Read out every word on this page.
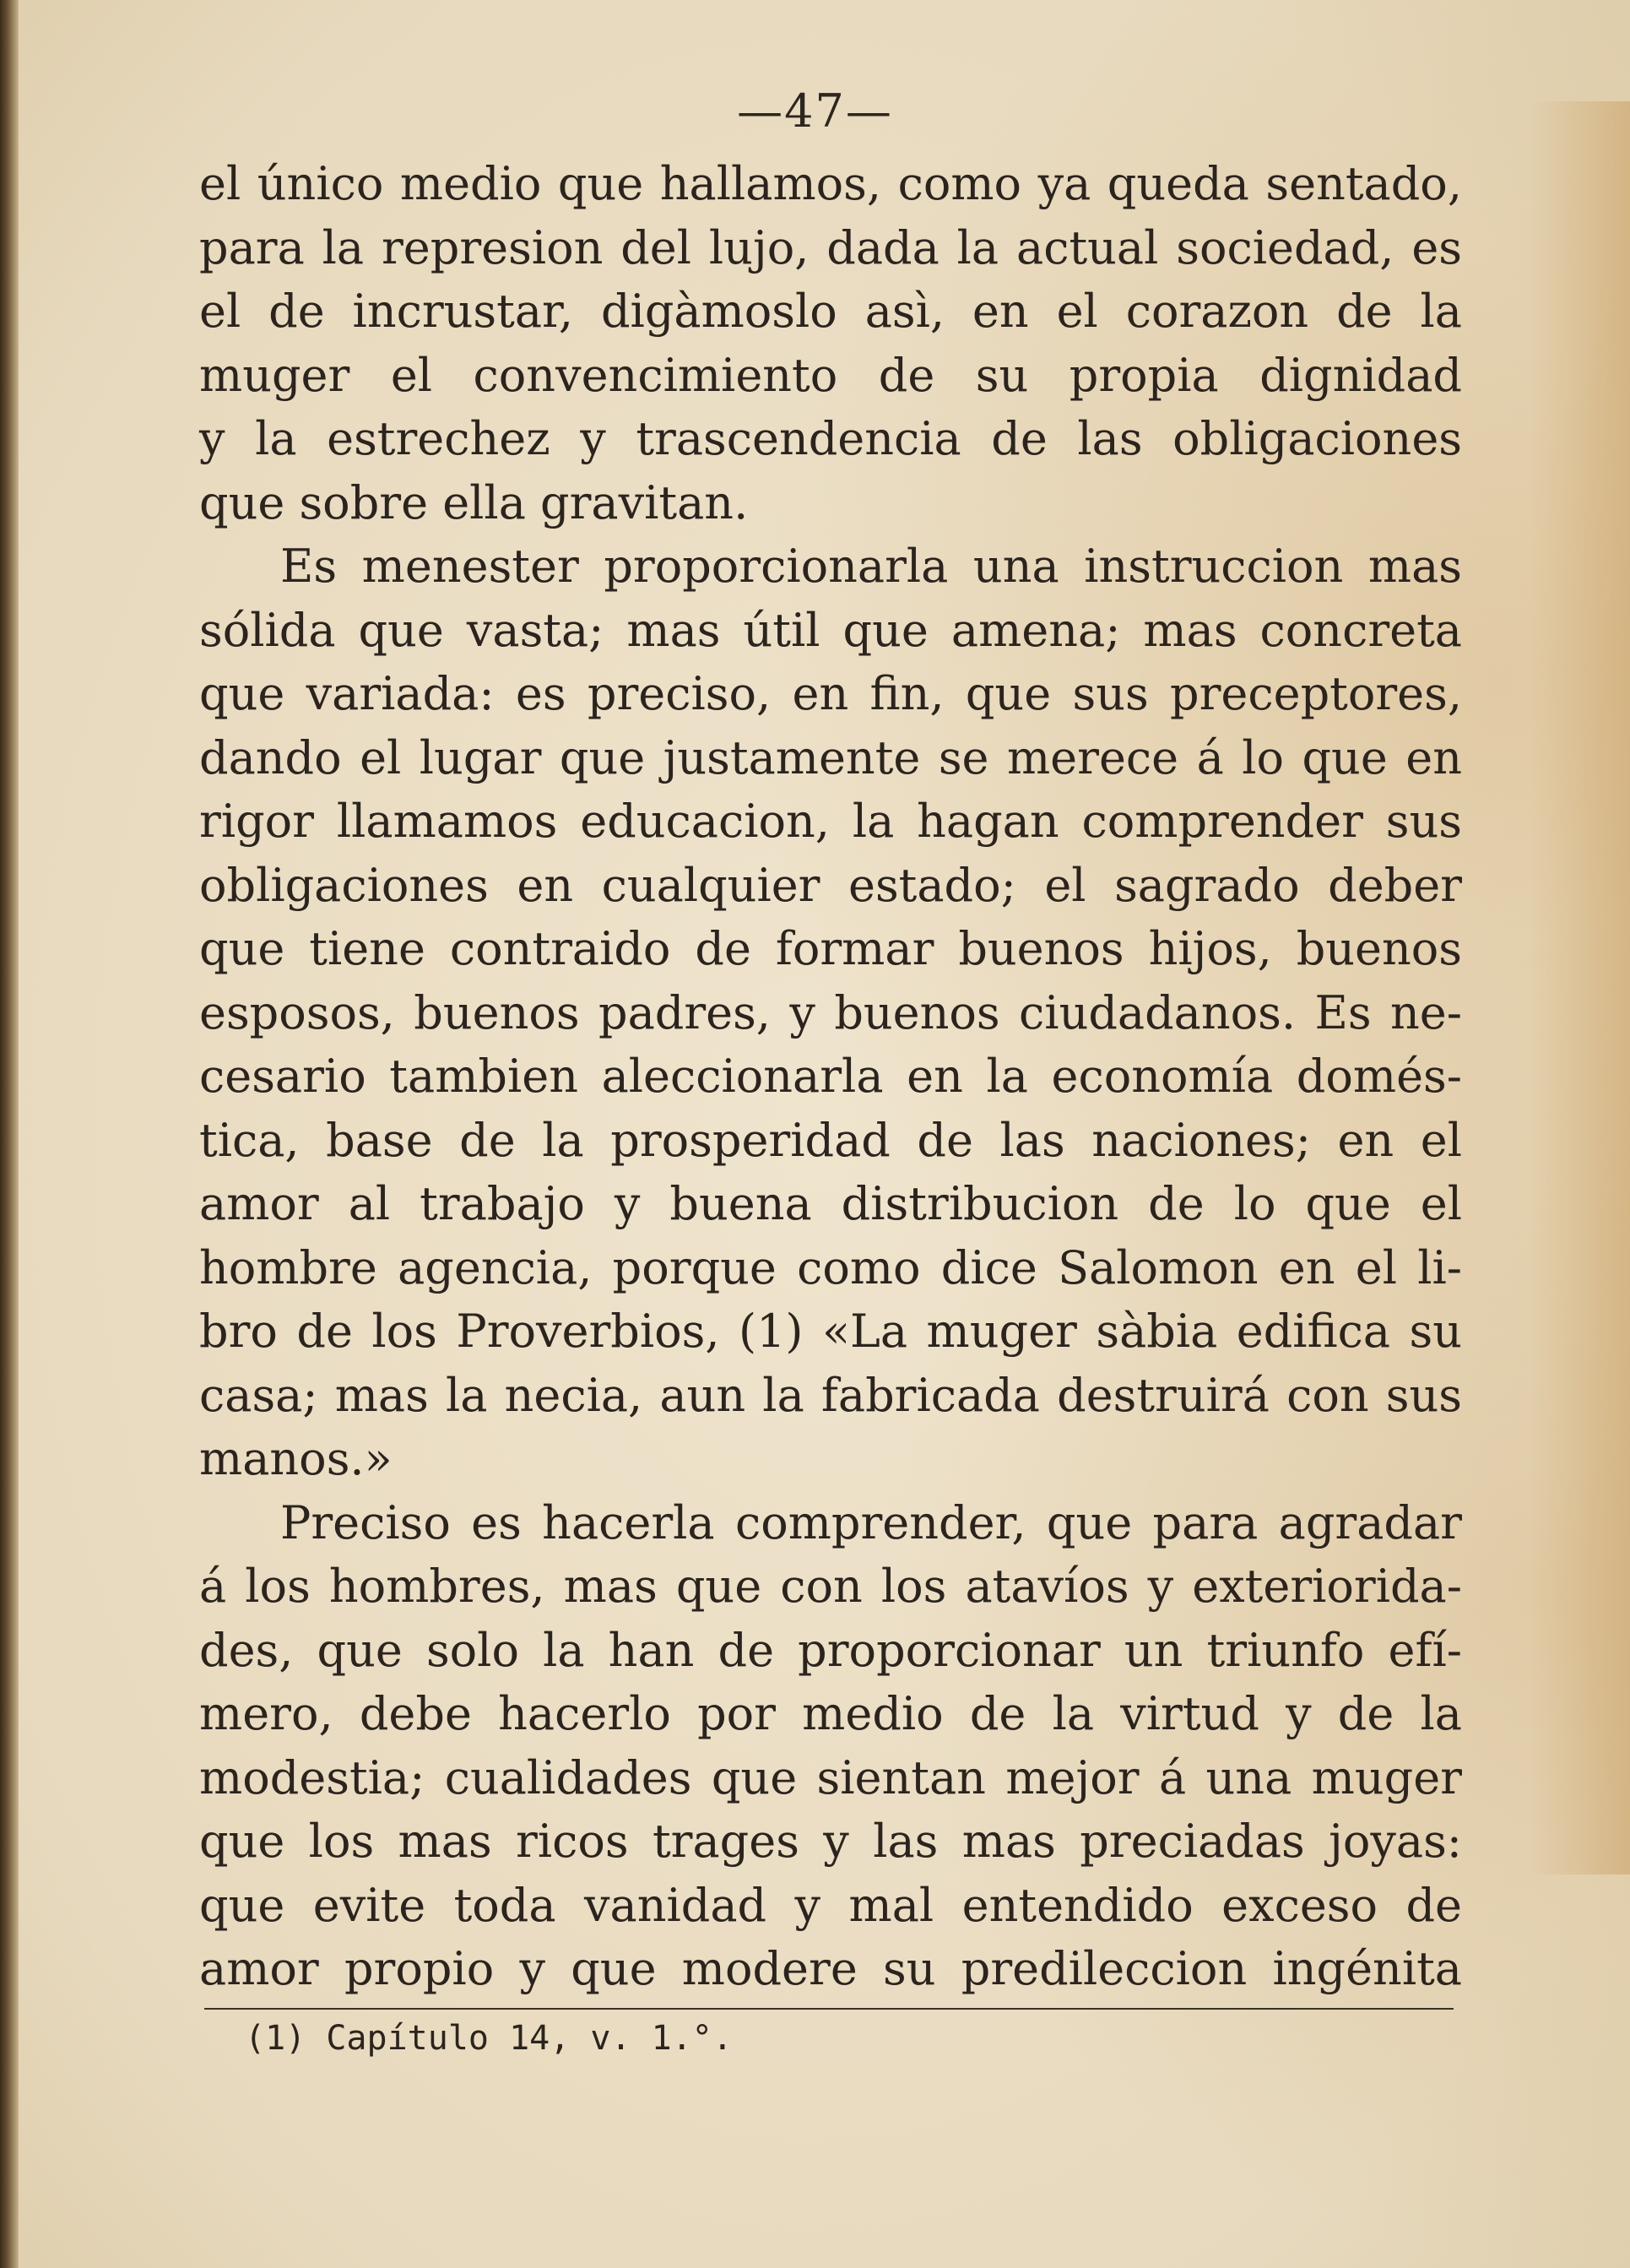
—47—
el único medio que hallamos, como ya queda sentado,
para la represion del lujo, dada la actual sociedad, es
el de incrustar, digàmoslo asì, en el corazon de la
muger el convencimiento de su propia dignidad
y la estrechez y trascendencia de las obligaciones
que sobre ella gravitan.
Es menester proporcionarla una instruccion mas
sólida que vasta; mas útil que amena; mas concreta
que variada: es preciso, en fin, que sus preceptores,
dando el lugar que justamente se merece á lo que en
rigor llamamos educacion, la hagan comprender sus
obligaciones en cualquier estado; el sagrado deber
que tiene contraido de formar buenos hijos, buenos
esposos, buenos padres, y buenos ciudadanos. Es ne-
cesario tambien aleccionarla en la economía domés-
tica, base de la prosperidad de las naciones; en el
amor al trabajo y buena distribucion de lo que el
hombre agencia, porque como dice Salomon en el li-
bro de los Proverbios, (1) «La muger sàbia edifica su
casa; mas la necia, aun la fabricada destruirá con sus
manos.»
Preciso es hacerla comprender, que para agradar
á los hombres, mas que con los atavíos y exteriorida-
des, que solo la han de proporcionar un triunfo efí-
mero, debe hacerlo por medio de la virtud y de la
modestia; cualidades que sientan mejor á una muger
que los mas ricos trages y las mas preciadas joyas:
que evite toda vanidad y mal entendido exceso de
amor propio y que modere su predileccion ingénita
(1) Capítulo 14, v. 1.°.
